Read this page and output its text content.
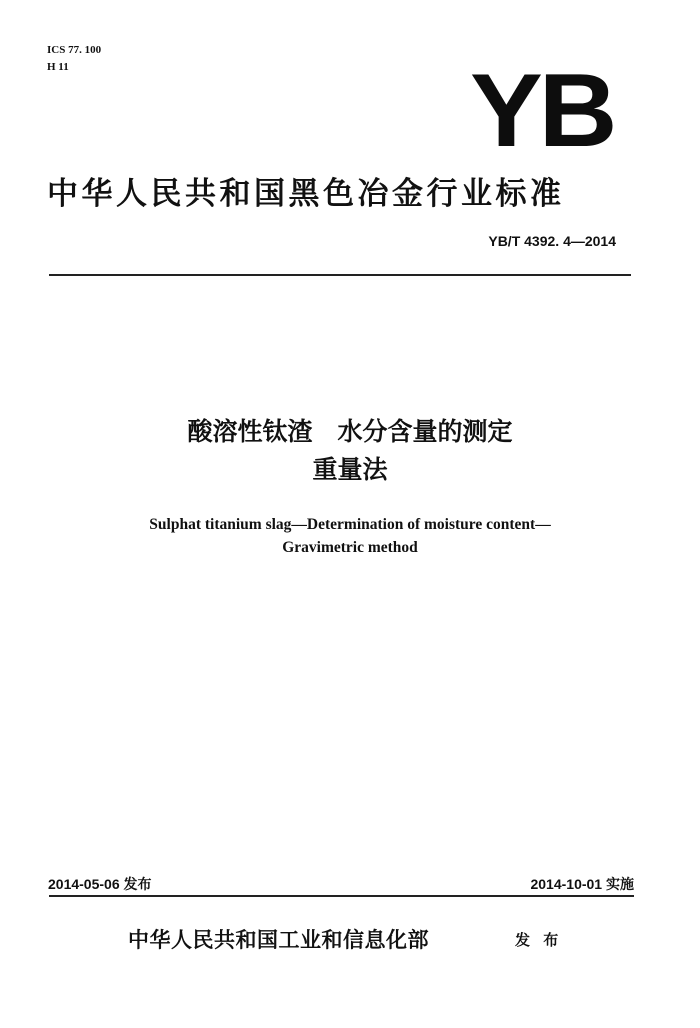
ICS 77. 100
H 11	YB
中华人民共和国黑色冶金行业标准
YB/T 4392. 4—2014
酸溶性钛渣　水分含量的测定
重量法
Sulphat titanium slag—Determination of moisture content—
Gravimetric method
2014-05-06 发布	2014-10-01 实施
中华人民共和国工业和信息化部	发 布
